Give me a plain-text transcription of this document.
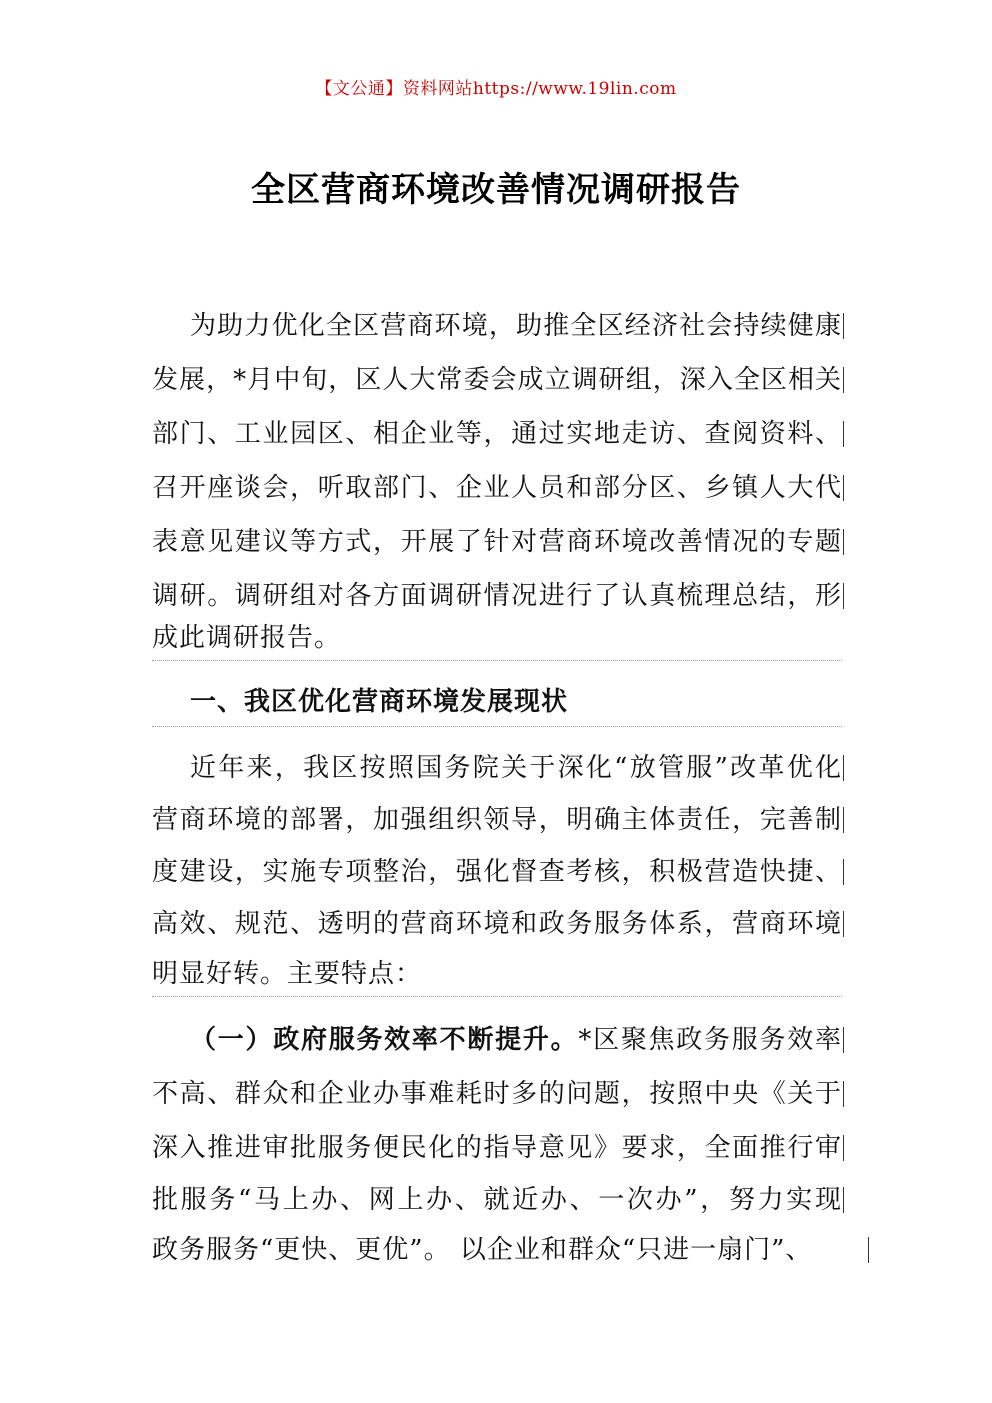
【文公通】资料网站https://www.19lin.com
全区营商环境改善情况调研报告
为助力优化全区营商环境，助推全区经济社会持续健康
发展，*月中旬，区人大常委会成立调研组，深入全区相关
部门、工业园区、相企业等，通过实地走访、查阅资料、
召开座谈会，听取部门、企业人员和部分区、乡镇人大代
表意见建议等方式，开展了针对营商环境改善情况的专题
调研。调研组对各方面调研情况进行了认真梳理总结，形
成此调研报告。
一、我区优化营商环境发展现状
近年来，我区按照国务院关于深化“放管服”改革优化
营商环境的部署，加强组织领导，明确主体责任，完善制
度建设，实施专项整治，强化督查考核，积极营造快捷、
高效、规范、透明的营商环境和政务服务体系，营商环境
明显好转。主要特点：
（一）政府服务效率不断提升。*区聚焦政务服务效率
不高、群众和企业办事难耗时多的问题，按照中央《关于
深入推进审批服务便民化的指导意见》要求，全面推行审
批服务“马上办、网上办、就近办、一次办”，努力实现
政务服务“更快、更优”。 以企业和群众“只进一扇门”、
